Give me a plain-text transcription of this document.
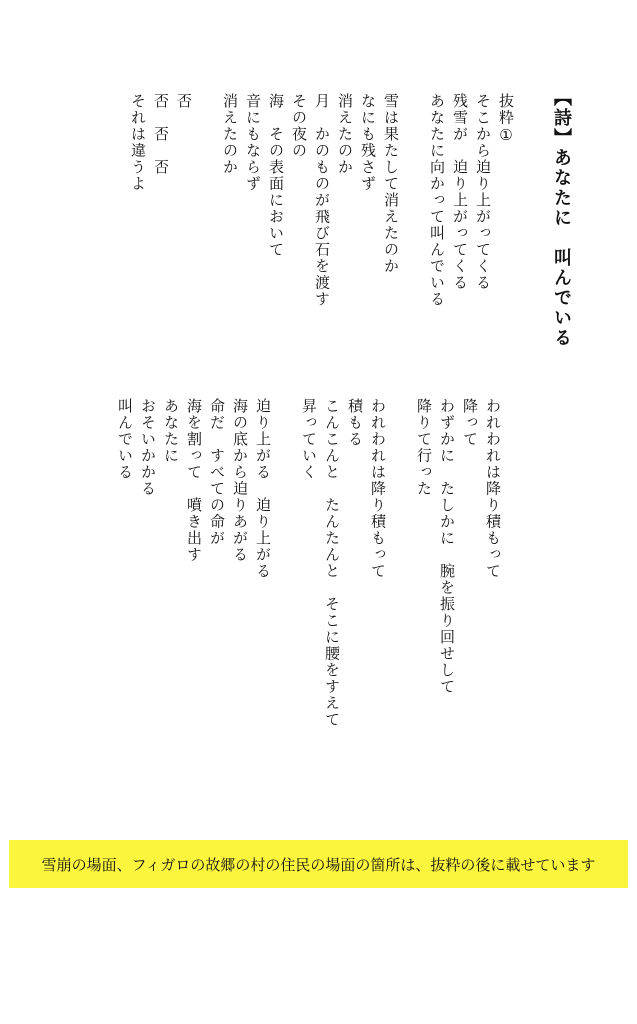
【詩】あなたに　叫んでいる
抜粋①
そこから迫り上がってくる
残雪が　迫り上がってくる
あなたに向かって叫んでいる

雪は果たして消えたのか
なにも残さず
消えたのか
月　かのものが飛び石を渡す
その夜の
海　その表面において
音にもならず
消えたのか

否
否　否　否
それは違うよ
われわれは降り積もって
降って
わずかに　たしかに　腕を振り回せして
降りて行った

われわれは降り積もって
積もる
こんこんと　たんたんと　そこに腰をすえて
昇っていく

迫り上がる　迫り上がる
海の底から迫りあがる
命だ　すべての命が
海を割って　噴き出す
あなたに
おそいかかる
叫んでいる
雪崩の場面、フィガロの故郷の村の住民の場面の箇所は、抜粋の後に載せています
